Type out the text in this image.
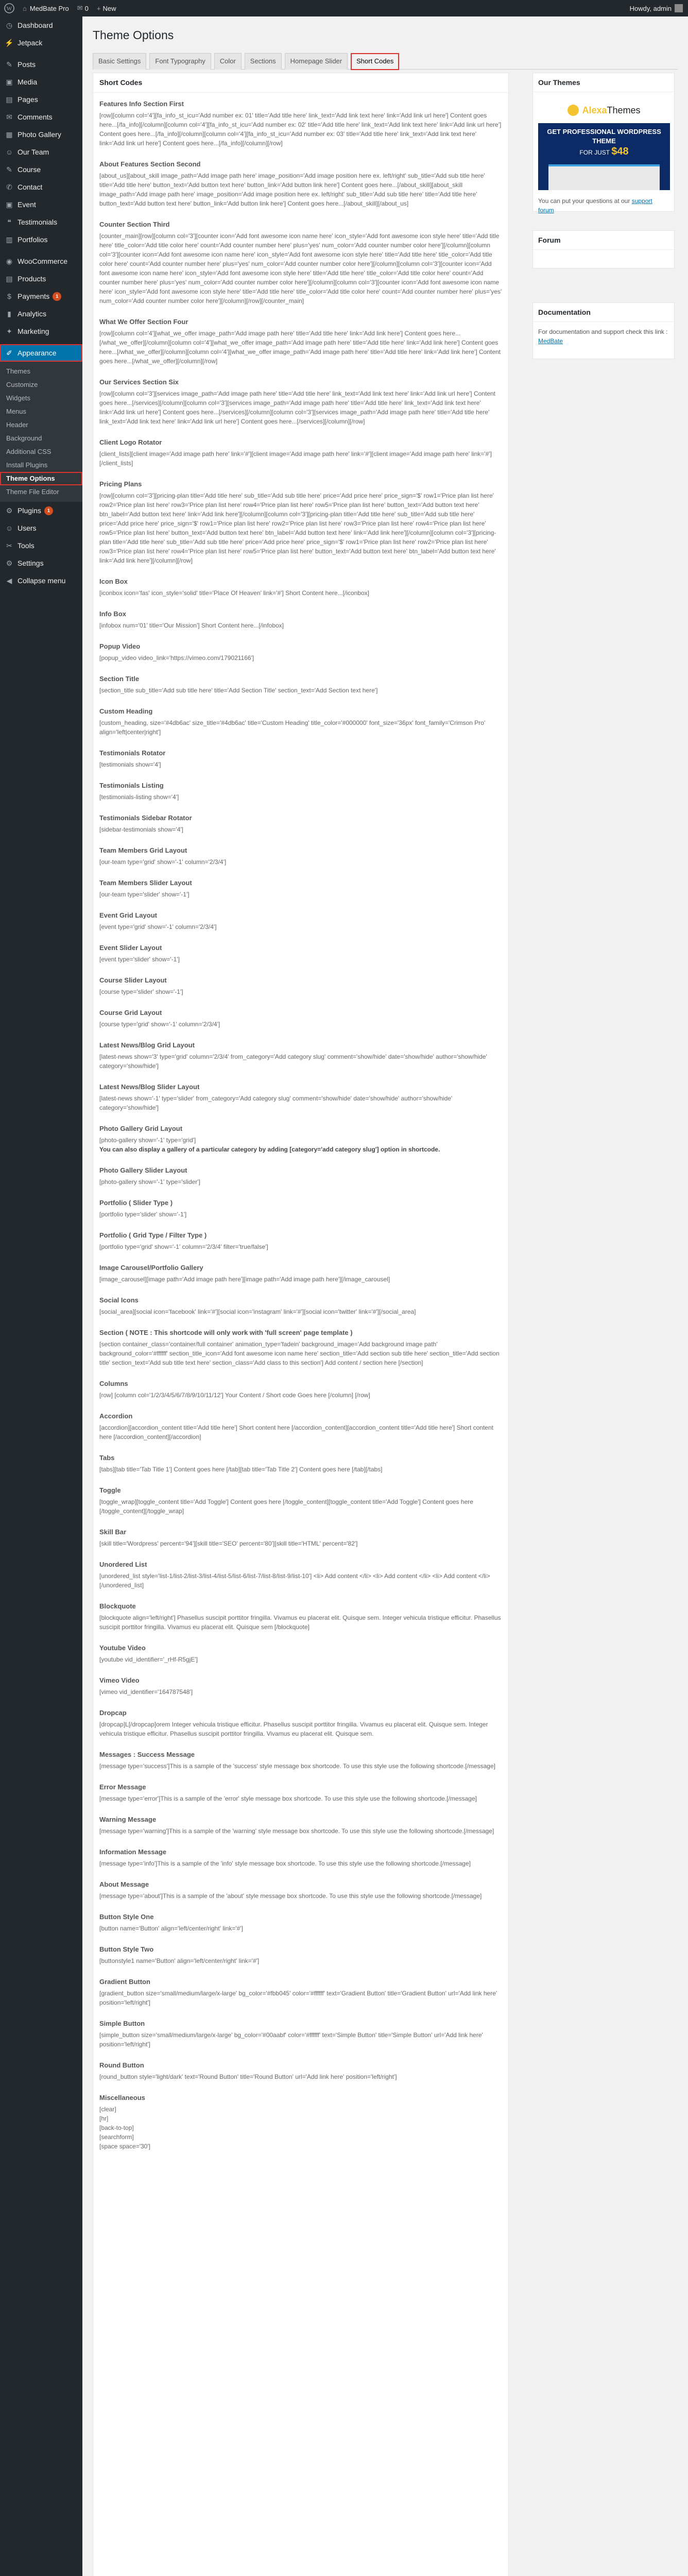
W ⌂ MedBate Pro ✉ 0 + New	Howdy, admin
◷ Dashboard
⚡ Jetpack
✎ Posts
▣ Media
▤ Pages
✉ Comments
▦ Photo Gallery
☺ Our Team
✎ Course
✆ Contact
▣ Event
❝ Testimonials
▥ Portfolios
◉ WooCommerce
▤ Products
$ Payments	1
▮ Analytics
✦ Marketing
✐ Appearance
Themes
Customize
Widgets
Menus
Header
Background
Additional CSS
Install Plugins
Theme Options
Theme File Editor
⚙ Plugins	1
☺ Users
✂ Tools
⚙ Settings
◀ Collapse menu
Theme Options
Basic Settings	Font Typography	Color	Sections	Homepage Slider	Short Codes
Short Codes
Features Info Section First
[row][column col='4'][fa_info_st_icu='Add number ex: 01' title='Add title here' link_text='Add link text here' link='Add link url here'] Content goes here...[/fa_info][/column][column col='4'][fa_info_st_icu='Add number ex: 02' title='Add title here' link_text='Add link text here' link='Add link url here'] Content goes here...[/fa_info][/column][column col='4'][fa_info_st_icu='Add number ex: 03' title='Add title here' link_text='Add link text here' link='Add link url here'] Content goes here...[/fa_info][/column][/row]
About Features Section Second
[about_us][about_skill image_path='Add image path here' image_position='Add image position here ex. left/right' sub_title='Add sub title here' title='Add title here' button_text='Add button text here' button_link='Add button link here'] Content goes here...[/about_skill][about_skill image_path='Add image path here' image_position='Add image position here ex. left/right' sub_title='Add sub title here' title='Add title here' button_text='Add button text here' button_link='Add button link here'] Content goes here...[/about_skill][/about_us]
Counter Section Third
[counter_main][row][column col='3'][counter icon='Add font awesome icon name here' icon_style='Add font awesome icon style here' title='Add title here' title_color='Add title color here' count='Add counter number here' plus='yes' num_color='Add counter number color here'][/column][column col='3'][counter icon='Add font awesome icon name here' icon_style='Add font awesome icon style here' title='Add title here' title_color='Add title color here' count='Add counter number here' plus='yes' num_color='Add counter number color here'][/column][column col='3'][counter icon='Add font awesome icon name here' icon_style='Add font awesome icon style here' title='Add title here' title_color='Add title color here' count='Add counter number here' plus='yes' num_color='Add counter number color here'][/column][column col='3'][counter icon='Add font awesome icon name here' icon_style='Add font awesome icon style here' title='Add title here' title_color='Add title color here' count='Add counter number here' plus='yes' num_color='Add counter number color here'][/column][/row][/counter_main]
What We Offer Section Four
[row][column col='4'][what_we_offer image_path='Add image path here' title='Add title here' link='Add link here'] Content goes here...[/what_we_offer][/column][column col='4'][what_we_offer image_path='Add image path here' title='Add title here' link='Add link here'] Content goes here...[/what_we_offer][/column][column col='4'][what_we_offer image_path='Add image path here' title='Add title here' link='Add link here'] Content goes here...[/what_we_offer][/column][/row]
Our Services Section Six
[row][column col='3'][services image_path='Add image path here' title='Add title here' link_text='Add link text here' link='Add link url here'] Content goes here...[/services][/column][column col='3'][services image_path='Add image path here' title='Add title here' link_text='Add link text here' link='Add link url here'] Content goes here...[/services][/column][column col='3'][services image_path='Add image path here' title='Add title here' link_text='Add link text here' link='Add link url here'] Content goes here...[/services][/column][/row]
Client Logo Rotator
[client_lists][client image='Add image path here' link='#'][client image='Add image path here' link='#'][client image='Add image path here' link='#'][/client_lists]
Pricing Plans
[row][column col='3'][pricing-plan title='Add title here' sub_title='Add sub title here' price='Add price here' price_sign='$' row1='Price plan list here' row2='Price plan list here' row3='Price plan list here' row4='Price plan list here' row5='Price plan list here' button_text='Add button text here' btn_label='Add button text here' link='Add link here'][/column][column col='3'][pricing-plan title='Add title here' sub_title='Add sub title here' price='Add price here' price_sign='$' row1='Price plan list here' row2='Price plan list here' row3='Price plan list here' row4='Price plan list here' row5='Price plan list here' button_text='Add button text here' btn_label='Add button text here' link='Add link here'][/column][column col='3'][pricing-plan title='Add title here' sub_title='Add sub title here' price='Add price here' price_sign='$' row1='Price plan list here' row2='Price plan list here' row3='Price plan list here' row4='Price plan list here' row5='Price plan list here' button_text='Add button text here' btn_label='Add button text here' link='Add link here'][/column][/row]
Icon Box
[iconbox icon='fas' icon_style='solid' title='Place Of Heaven' link='#'] Short Content here...[/iconbox]
Info Box
[infobox num='01' title='Our Mission'] Short Content here...[/infobox]
Popup Video
[popup_video video_link='https://vimeo.com/179021166']
Section Title
[section_title sub_title='Add sub title here' title='Add Section Title' section_text='Add Section text here']
Custom Heading
[custom_heading, size='#4db6ac' size_title='#4db6ac' title='Custom Heading' title_color='#000000' font_size='36px' font_family='Crimson Pro' align='left|center|right']
Testimonials Rotator
[testimonials show='4']
Testimonials Listing
[testimonials-listing show='4']
Testimonials Sidebar Rotator
[sidebar-testimonials show='4']
Team Members Grid Layout
[our-team type='grid' show='-1' column='2/3/4']
Team Members Slider Layout
[our-team type='slider' show='-1']
Event Grid Layout
[event type='grid' show='-1' column='2/3/4']
Event Slider Layout
[event type='slider' show='-1']
Course Slider Layout
[course type='slider' show='-1']
Course Grid Layout
[course type='grid' show='-1' column='2/3/4']
Latest News/Blog Grid Layout
[latest-news show='3' type='grid' column='2/3/4' from_category='Add category slug' comment='show/hide' date='show/hide' author='show/hide' category='show/hide']
Latest News/Blog Slider Layout
[latest-news show='-1' type='slider' from_category='Add category slug' comment='show/hide' date='show/hide' author='show/hide' category='show/hide']
Photo Gallery Grid Layout
[photo-gallery show='-1' type='grid']
You can also display a gallery of a particular category by adding [category='add category slug'] option in shortcode.
Photo Gallery Slider Layout
[photo-gallery show='-1' type='slider']
Portfolio ( Slider Type )
[portfolio type='slider' show='-1']
Portfolio ( Grid Type / Filter Type )
[portfolio type='grid' show='-1' column='2/3/4' filter='true/false']
Image Carousel/Portfolio Gallery
[image_carousel][image path='Add image path here'][image path='Add image path here'][/image_carousel]
Social Icons
[social_area][social icon='facebook' link='#'][social icon='instagram' link='#'][social icon='twitter' link='#'][/social_area]
Section ( NOTE : This shortcode will only work with 'full screen' page template )
[section container_class='container/full container' animation_type='fadein' background_image='Add background image path' background_color='#ffffff' section_title_icon='Add font awesome icon name here' section_title='Add section sub title here' section_title='Add section title' section_text='Add sub title text here' section_class='Add class to this section'] Add content / section here [/section]
Columns
[row] [column col='1/2/3/4/5/6/7/8/9/10/11/12'] Your Content / Short code Goes here [/column] [/row]
Accordion
[accordion][accordion_content title='Add title here'] Short content here [/accordion_content][accordion_content title='Add title here'] Short content here [/accordion_content][/accordion]
Tabs
[tabs][tab title='Tab Title 1'] Content goes here [/tab][tab title='Tab Title 2'] Content goes here [/tab][/tabs]
Toggle
[toggle_wrap][toggle_content title='Add Toggle'] Content goes here [/toggle_content][toggle_content title='Add Toggle'] Content goes here [/toggle_content][/toggle_wrap]
Skill Bar
[skill title='Wordpress' percent='94'][skill title='SEO' percent='80'][skill title='HTML' percent='82']
Unordered List
[unordered_list style='list-1/list-2/list-3/list-4/list-5/list-6/list-7/list-8/list-9/list-10'] <li> Add content </li> <li> Add content </li> <li> Add content </li>[/unordered_list]
Blockquote
[blockquote align='left/right'] Phasellus suscipit porttitor fringilla. Vivamus eu placerat elit. Quisque sem. Integer vehicula tristique efficitur. Phasellus suscipit porttitor fringilla. Vivamus eu placerat elit. Quisque sem [/blockquote]
Youtube Video
[youtube vid_identifier='_rHf-R5gjE']
Vimeo Video
[vimeo vid_identifier='164787548']
Dropcap
[dropcap]L[/dropcap]orem Integer vehicula tristique efficitur. Phasellus suscipit porttitor fringilla. Vivamus eu placerat elit. Quisque sem. Integer vehicula tristique efficitur. Phasellus suscipit porttitor fringilla. Vivamus eu placerat elit. Quisque sem.
Messages : Success Message
[message type='success']This is a sample of the 'success' style message box shortcode. To use this style use the following shortcode.[/message]
Error Message
[message type='error']This is a sample of the 'error' style message box shortcode. To use this style use the following shortcode.[/message]
Warning Message
[message type='warning']This is a sample of the 'warning' style message box shortcode. To use this style use the following shortcode.[/message]
Information Message
[message type='info']This is a sample of the 'info' style message box shortcode. To use this style use the following shortcode.[/message]
About Message
[message type='about']This is a sample of the 'about' style message box shortcode. To use this style use the following shortcode.[/message]
Button Style One
[button name='Button' align='left/center/right' link='#']
Button Style Two
[buttonstyle1 name='Button' align='left/center/right' link='#']
Gradient Button
[gradient_button size='small/medium/large/x-large' bg_color='#fbb045' color='#ffffff' text='Gradient Button' title='Gradient Button' url='Add link here' position='left/right']
Simple Button
[simple_button size='small/medium/large/x-large' bg_color='#00aabf' color='#ffffff' text='Simple Button' title='Simple Button' url='Add link here' position='left/right']
Round Button
[round_button style='light/dark' text='Round Button' title='Round Button' url='Add link here' position='left/right']
Miscellaneous
[clear]
[hr]
[back-to-top]
[searchform]
[space space='30']
Our Themes
AlexaThemes
GET PROFESSIONAL WORDPRESS THEME
FOR JUST $48
You can put your questions at our support forum
Forum
Documentation
For documentation and support check this link : MedBate
